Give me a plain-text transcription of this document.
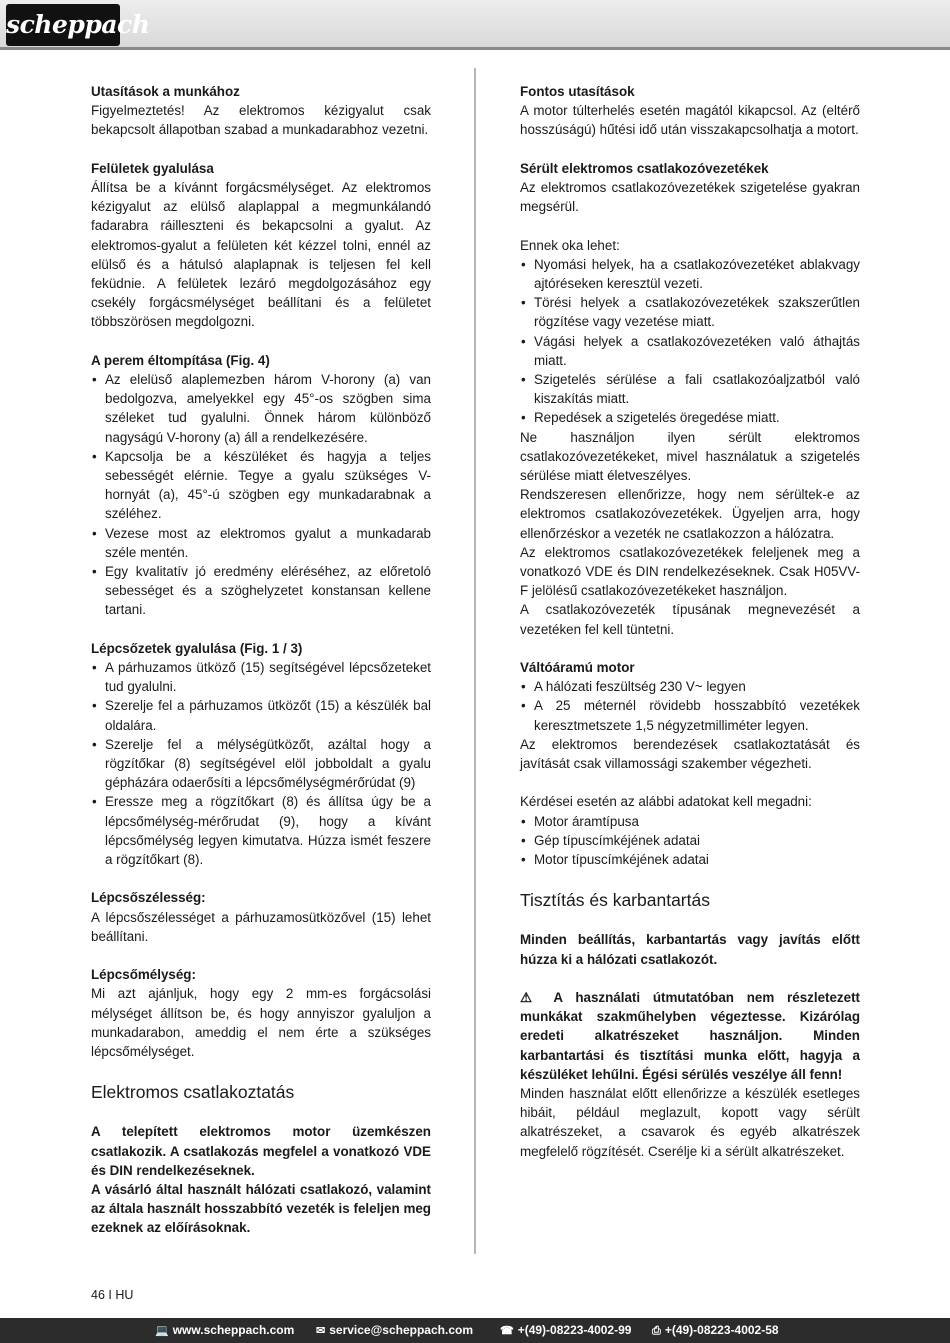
scheppach
Utasítások a munkához
Figyelmeztetés! Az elektromos kézigyalut csak bekapcsolt állapotban szabad a munkadarabhoz vezetni.
Felületek gyalulása
Állítsa be a kívánnt forgácsmélységet. Az elektromos kézigyalut az elülső alaplappal a megmunkálandó fadarabra ráilleszteni és bekapcsolni a gyalut. Az elektromos-gyalut a felületen két kézzel tolni, ennél az elülső és a hátulsó alaplapnak is teljesen fel kell feküdnie. A felületek lezáró megdolgozásához egy csekély forgácsmélységet beállítani és a felületet többszörösen megdolgozni.
A perem éltompítása (Fig. 4)
• Az elelüső alaplemezben három V-horony (a) van bedolgozva, amelyekkel egy 45°-os szögben sima széleket tud gyalulni. Önnek három különböző nagyságú V-horony (a) áll a rendelkezésére.
• Kapcsolja be a készüléket és hagyja a teljes sebességét elérnie. Tegye a gyalu szükséges V-hornyát (a), 45°-ú szögben egy munkadarabnak a széléhez.
• Vezese most az elektromos gyalut a munkadarab széle mentén.
• Egy kvalitatív jó eredmény eléréséhez, az előretoló sebességet és a szöghelyzetet konstansan kellene tartani.
Lépcsőzetek gyalulása (Fig. 1 / 3)
• A párhuzamos ütköző (15) segítségével lépcsőzeteket tud gyalulni.
• Szerelje fel a párhuzamos ütközőt (15) a készülék bal oldalára.
• Szerelje fel a mélységütközőt, azáltal hogy a rögzítőkar (8) segítségével elöl jobboldalt a gyalu gépházára odaerősíti a lépcsőmélységmérőrúdat (9)
• Eressze meg a rögzítőkart (8) és állítsa úgy be a lépcsőmélység-mérőrudat (9), hogy a kívánt lépcsőmélység legyen kimutatva. Húzza ismét feszere a rögzítőkart (8).
Lépcsőszélesség:
A lépcsőszélességet a párhuzamosütközővel (15) lehet beállítani.
Lépcsőmélység:
Mi azt ajánljuk, hogy egy 2 mm-es forgácsolási mélységet állítson be, és hogy annyiszor gyaluljon a munkadarabon, ameddig el nem érte a szükséges lépcsőmélységet.
Elektromos csatlakoztatás
A telepített elektromos motor üzemkészen csatlakozik. A csatlakozás megfelel a vonatkozó VDE és DIN rendelkezéseknek.
A vásárló által használt hálózati csatlakozó, valamint az általa használt hosszabbító vezeték is feleljen meg ezeknek az előírásoknak.
Fontos utasítások
A motor túlterhelés esetén magától kikapcsol. Az (eltérő hosszúságú) hűtési idő után visszakapcsolhatja a motort.
Sérült elektromos csatlakozóvezetékek
Az elektromos csatlakozóvezetékek szigetelése gyakran megsérül.
Ennek oka lehet:
• Nyomási helyek, ha a csatlakozóvezetéket ablakvagy ajtóréseken keresztül vezeti.
• Törési helyek a csatlakozóvezetékek szakszerűtlen rögzítése vagy vezetése miatt.
• Vágási helyek a csatlakozóvezetéken való áthajtás miatt.
• Szigetelés sérülése a fali csatlakozóaljzatból való kiszakítás miatt.
• Repedések a szigetelés öregedése miatt.
Ne használjon ilyen sérült elektromos csatlakozóvezetékeket, mivel használatuk a szigetelés sérülése miatt életveszélyes.
Rendszeresen ellenőrizze, hogy nem sérültek-e az elektromos csatlakozóvezetékek. Ügyeljen arra, hogy ellenőrzéskor a vezeték ne csatlakozzon a hálózatra.
Az elektromos csatlakozóvezetékek feleljenek meg a vonatkozó VDE és DIN rendelkezéseknek. Csak H05VV-F jelölésű csatlakozóvezetékeket használjon.
A csatlakozóvezeték típusának megnevezését a vezetéken fel kell tüntetni.
Váltóáramú motor
• A hálózati feszültség 230 V~ legyen
• A 25 méternél rövidebb hosszabbító vezetékek keresztmetszete 1,5 négyzetmilliméter legyen.
Az elektromos berendezések csatlakoztatását és javítását csak villamossági szakember végezheti.
Kérdései esetén az alábbi adatokat kell megadni:
• Motor áramtípusa
• Gép típuscímkéjének adatai
• Motor típuscímkéjének adatai
Tisztítás és karbantartás
Minden beállítás, karbantartás vagy javítás előtt húzza ki a hálózati csatlakozót.
⚠ A használati útmutatóban nem részletezett munkákat szakműhelyben végeztesse. Kizárólag eredeti alkatrészeket használjon. Minden karbantartási és tisztítási munka előtt, hagyja a készüléket lehűlni. Égési sérülés veszélye áll fenn!
Minden használat előtt ellenőrizze a készülék esetleges hibáit, például meglazult, kopott vagy sérült alkatrészeket, a csavarok és egyéb alkatrészek megfelelő rögzítését. Cserélje ki a sérült alkatrészeket.
46 I HU
💻 www.scheppach.com ✉ service@scheppach.com ☎ +(49)-08223-4002-99 ⎙ +(49)-08223-4002-58
